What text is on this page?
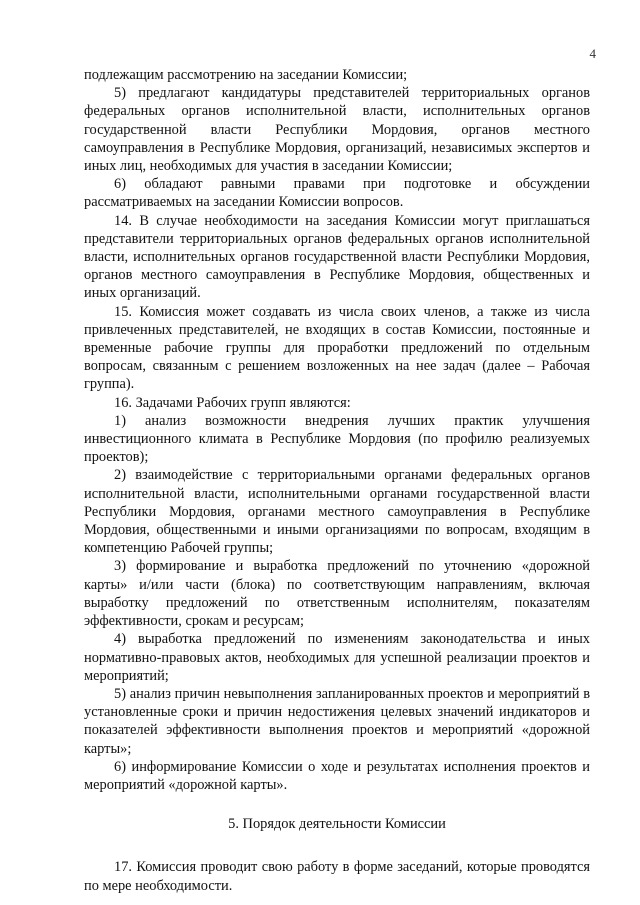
4

подлежащим рассмотрению на заседании Комиссии;

5) предлагают кандидатуры представителей территориальных органов федеральных органов исполнительной власти, исполнительных органов государственной власти Республики Мордовия, органов местного самоуправления в Республике Мордовия, организаций, независимых экспертов и иных лиц, необходимых для участия в заседании Комиссии;

6) обладают равными правами при подготовке и обсуждении рассматриваемых на заседании Комиссии вопросов.

14. В случае необходимости на заседания Комиссии могут приглашаться представители территориальных органов федеральных органов исполнительной власти, исполнительных органов государственной власти Республики Мордовия, органов местного самоуправления в Республике Мордовия, общественных и иных организаций.

15. Комиссия может создавать из числа своих членов, а также из числа привлеченных представителей, не входящих в состав Комиссии, постоянные и временные рабочие группы для проработки предложений по отдельным вопросам, связанным с решением возложенных на нее задач (далее – Рабочая группа).

16. Задачами Рабочих групп являются:

1) анализ возможности внедрения лучших практик улучшения инвестиционного климата в Республике Мордовия (по профилю реализуемых проектов);

2) взаимодействие с территориальными органами федеральных органов исполнительной власти, исполнительными органами государственной власти Республики Мордовия, органами местного самоуправления в Республике Мордовия, общественными и иными организациями по вопросам, входящим в компетенцию Рабочей группы;

3) формирование и выработка предложений по уточнению «дорожной карты» и/или части (блока) по соответствующим направлениям, включая выработку предложений по ответственным исполнителям, показателям эффективности, срокам и ресурсам;

4) выработка предложений по изменениям законодательства и иных нормативно-правовых актов, необходимых для успешной реализации проектов и мероприятий;

5) анализ причин невыполнения запланированных проектов и мероприятий в установленные сроки и причин недостижения целевых значений индикаторов и показателей эффективности выполнения проектов и мероприятий «дорожной карты»;

6) информирование Комиссии о ходе и результатах исполнения проектов и мероприятий «дорожной карты».

5. Порядок деятельности Комиссии

17. Комиссия проводит свою работу в форме заседаний, которые проводятся по мере необходимости.
